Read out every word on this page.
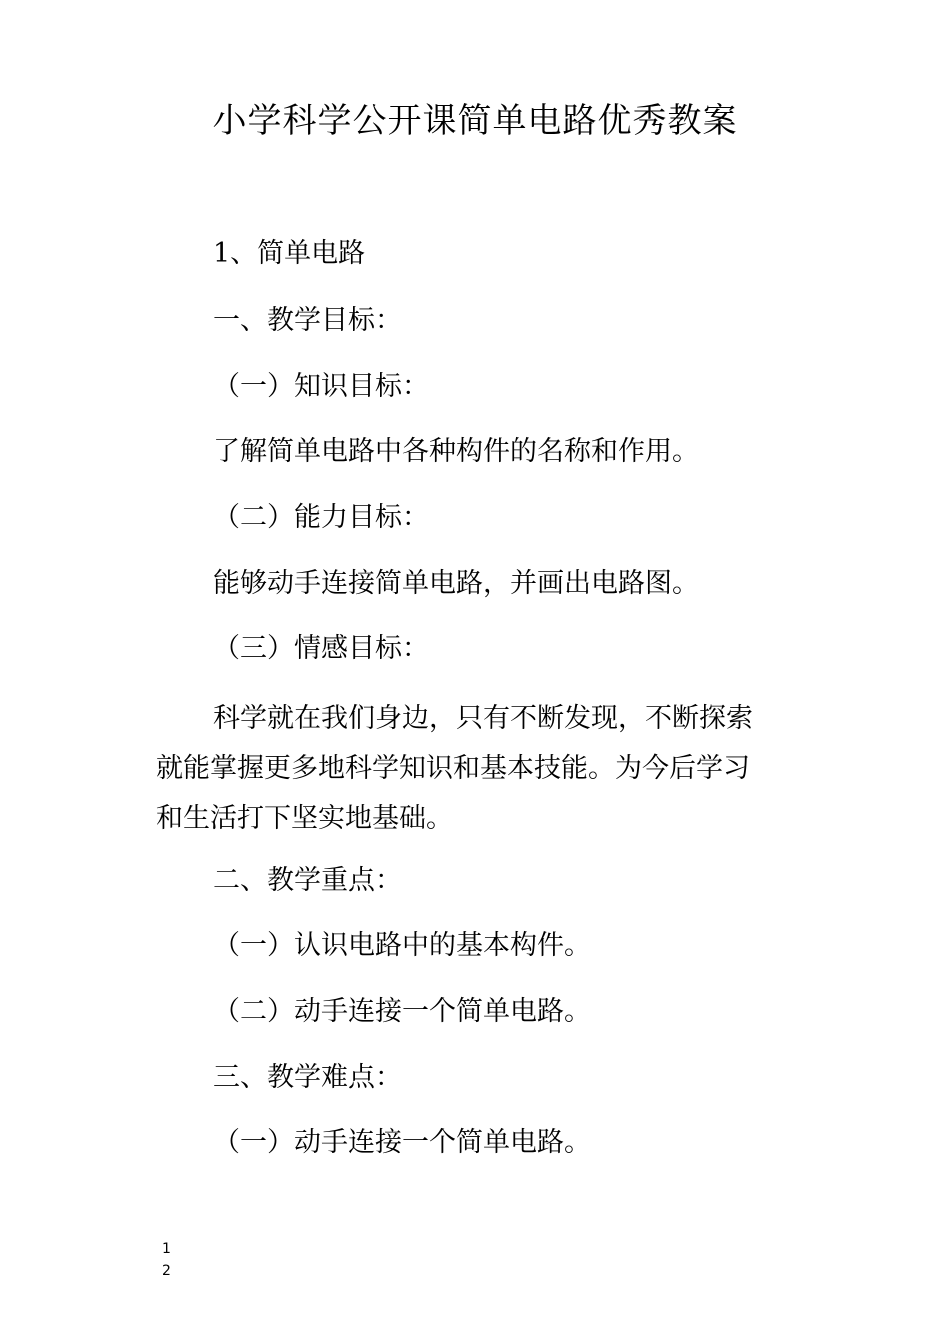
小学科学公开课简单电路优秀教案

1、简单电路

一、教学目标：

（一）知识目标：

了解简单电路中各种构件的名称和作用。

（二）能力目标：

能够动手连接简单电路，并画出电路图。

（三）情感目标：

科学就在我们身边，只有不断发现，不断探索
就能掌握更多地科学知识和基本技能。为今后学习
和生活打下坚实地基础。

二、教学重点：

（一）认识电路中的基本构件。

（二）动手连接一个简单电路。

三、教学难点：

（一）动手连接一个简单电路。

1
2
